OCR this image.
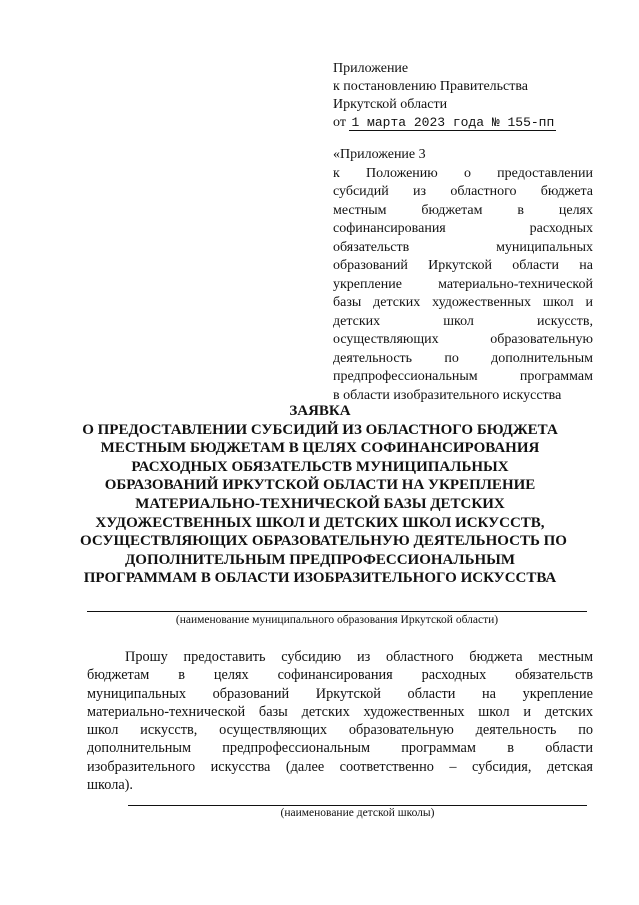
Приложение
к постановлению Правительства
Иркутской области
от 1 марта 2023 года № 155-пп
«Приложение 3
к Положению о предоставлении
субсидий из областного бюджета
местным бюджетам в целях
софинансирования расходных
обязательств муниципальных
образований Иркутской области на
укрепление материально-технической
базы детских художественных школ и
детских школ искусств,
осуществляющих образовательную
деятельность по дополнительным
предпрофессиональным программам
в области изобразительного искусства
ЗАЯВКА
О ПРЕДОСТАВЛЕНИИ СУБСИДИЙ ИЗ ОБЛАСТНОГО БЮДЖЕТА
МЕСТНЫМ БЮДЖЕТАМ В ЦЕЛЯХ СОФИНАНСИРОВАНИЯ
РАСХОДНЫХ ОБЯЗАТЕЛЬСТВ МУНИЦИПАЛЬНЫХ
ОБРАЗОВАНИЙ ИРКУТСКОЙ ОБЛАСТИ НА УКРЕПЛЕНИЕ
МАТЕРИАЛЬНО-ТЕХНИЧЕСКОЙ БАЗЫ ДЕТСКИХ
ХУДОЖЕСТВЕННЫХ ШКОЛ И ДЕТСКИХ ШКОЛ ИСКУССТВ,
ОСУЩЕСТВЛЯЮЩИХ ОБРАЗОВАТЕЛЬНУЮ ДЕЯТЕЛЬНОСТЬ ПО
ДОПОЛНИТЕЛЬНЫМ ПРЕДПРОФЕССИОНАЛЬНЫМ
ПРОГРАММАМ В ОБЛАСТИ ИЗОБРАЗИТЕЛЬНОГО ИСКУССТВА
(наименование муниципального образования Иркутской области)
Прошу предоставить субсидию из областного бюджета местным
бюджетам в целях софинансирования расходных обязательств
муниципальных образований Иркутской области на укрепление
материально-технической базы детских художественных школ и детских
школ искусств, осуществляющих образовательную деятельность по
дополнительным предпрофессиональным программам в области
изобразительного искусства (далее соответственно – субсидия, детская
школа).
(наименование детской школы)
